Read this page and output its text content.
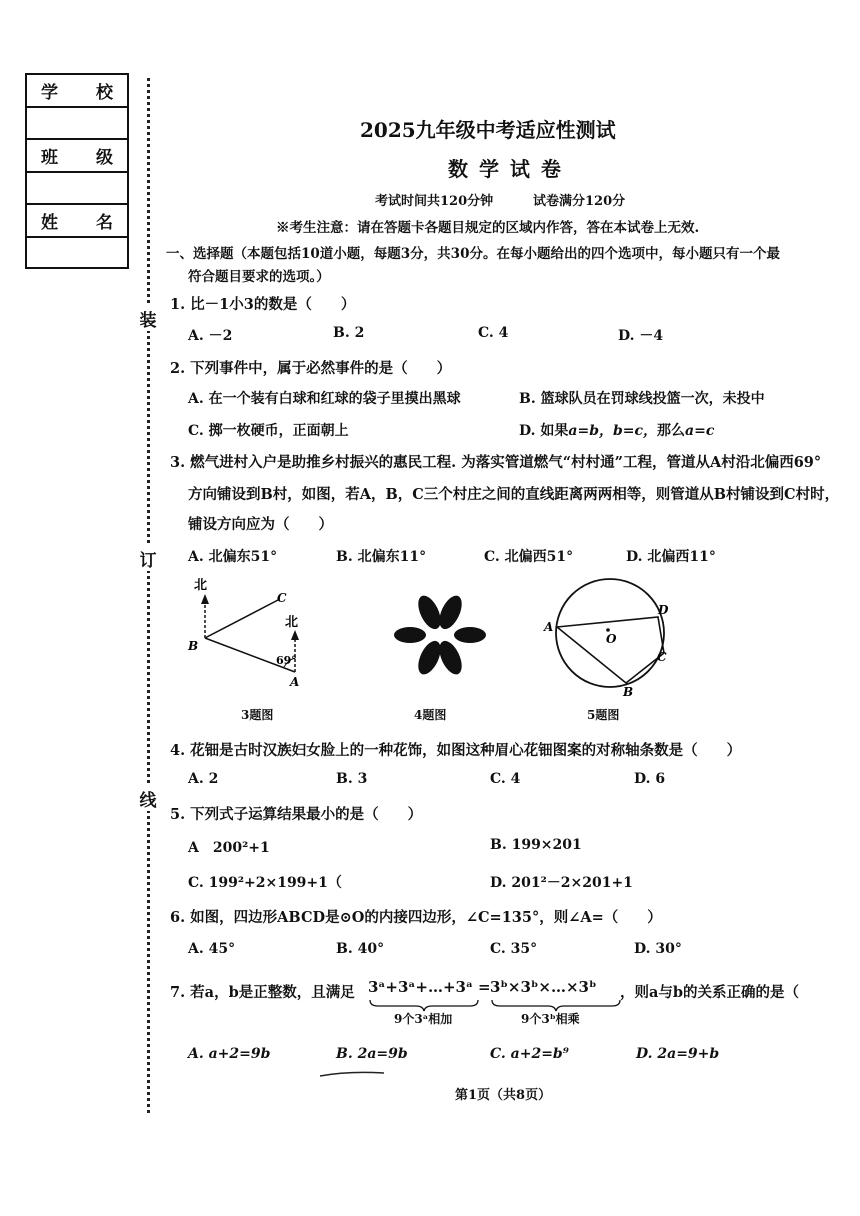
学 校
班 级
姓 名
装
订
线
2025九年级中考适应性测试
数 学 试 卷
考试时间共120分钟	试卷满分120分
※考生注意：请在答题卡各题目规定的区域内作答，答在本试卷上无效.
一、选择题（本题包括10道小题，每题3分，共30分。在每小题给出的四个选项中，每小题只有一个最
符合题目要求的选项。）
1. 比－1小3的数是（　　）
A. －2	B. 2	C. 4	D. －4
2. 下列事件中，属于必然事件的是（　　）
A. 在一个装有白球和红球的袋子里摸出黑球	B. 篮球队员在罚球线投篮一次，未投中
C. 掷一枚硬币，正面朝上	D. 如果a=b，b=c，那么a=c
3. 燃气进村入户是助推乡村振兴的惠民工程. 为落实管道燃气“村村通”工程，管道从A村沿北偏西69°
方向铺设到B村，如图，若A，B，C三个村庄之间的直线距离两两相等，则管道从B村铺设到C村时，
铺设方向应为（　　）
A. 北偏东51°	B. 北偏东11°	C. 北偏西51°	D. 北偏西11°
北
北
C
B
A
69°
3题图	4题图
A
D
C
B
O
5题图
4. 花钿是古时汉族妇女脸上的一种花饰，如图这种眉心花钿图案的对称轴条数是（　　）
A. 2	B. 3	C. 4	D. 6
5. 下列式子运算结果最小的是（　　）
A　200²+1	B. 199×201
C. 199²+2×199+1（	D. 201²－2×201+1
6. 如图，四边形ABCD是⊙O的内接四边形，∠C=135°，则∠A=（　　）
A. 45°	B. 40°	C. 35°	D. 30°
7. 若a，b是正整数，且满足 3ᵃ+3ᵃ+…+3ᵃ = 3ᵇ×3ᵇ×…×3ᵇ ，则a与b的关系正确的是（
9个3ᵃ相加	9个3ᵇ相乘
A. a+2=9b	B. 2a=9b	C. a+2=b⁹	D. 2a=9+b
第1页（共8页）
